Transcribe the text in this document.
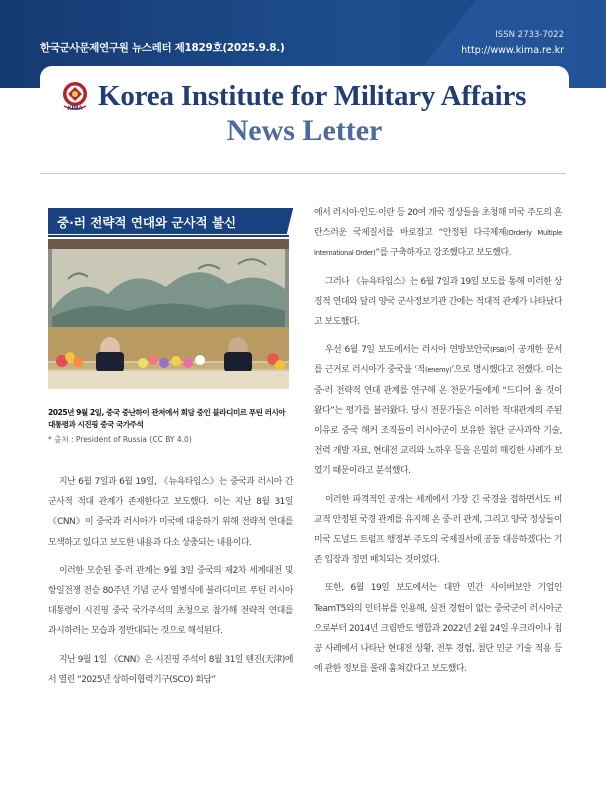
한국군사문제연구원 뉴스레터 제1829호(2025.9.8.)
ISSN 2733-7022
http://www.kima.re.kr
KIMA Korea Institute for Military Affairs
News Letter
중·러 전략적 연대와 군사적 불신
2025년 9월 2일, 중국 중난하이 관저에서 회담 중인 블라디미르 푸틴 러시아 대통령과 시진핑 중국 국가주석
* 출처 : President of Russia (CC BY 4.0)

지난 6월 7일과 6월 19일, 《뉴욕타임스》는 중국과 러시아 간 군사적 적대 관계가 존재한다고 보도했다. 이는 지난 8월 31일 《CNN》이 중국과 러시아가 미국에 대응하기 위해 전략적 연대를 모색하고 있다고 보도한 내용과 다소 상충되는 내용이다.

이러한 모순된 중·러 관계는 9월 3일 중국의 제2차 세계대전 및 항일전쟁 전승 80주년 기념 군사 열병식에 블라디미르 푸틴 러시아 대통령이 시진핑 중국 국가주석의 초청으로 참가해 전략적 연대를 과시하려는 모습과 정반대되는 것으로 해석된다.

지난 9월 1일 《CNN》은 시진핑 주석이 8월 31일 톈진(天津)에서 열린 “2025년 상하이협력기구(SCO) 회담”

에서 러시아·인도·이란 등 20여 개국 정상들을 초청해 미국 주도의 혼란스러운 국제질서를 바로잡고 “안정된 다극체제(Orderly Multiple International Order)”를 구축하자고 강조했다고 보도했다.

그러나 《뉴욕타임스》는 6월 7일과 19일 보도를 통해 이러한 상징적 연대와 달리 양국 군사정보기관 간에는 적대적 관계가 나타났다고 보도했다.

우선 6월 7일 보도에서는 러시아 연방보안국(FSB)이 공개한 문서를 근거로 러시아가 중국을 ‘적(enemy)’으로 명시했다고 전했다. 이는 중·러 전략적 연대 관계를 연구해 온 전문가들에게 “드디어 올 것이 왔다”는 평가를 불러왔다. 당시 전문가들은 이러한 적대관계의 주된 이유로 중국 해커 조직들이 러시아군이 보유한 첨단 군사과학 기술, 전력 개발 자료, 현대전 교리와 노하우 등을 은밀히 해킹한 사례가 보였기 때문이라고 분석했다.

이러한 파격적인 공개는 세계에서 가장 긴 국경을 접하면서도 비교적 안정된 국경 관계를 유지해 온 중·러 관계, 그리고 양국 정상들이 미국 도널드 트럼프 행정부 주도의 국제질서에 공동 대응하겠다는 기존 입장과 정면 배치되는 것이었다.

또한, 6월 19일 보도에서는 대만 민간 사이버보안 기업인 TeamT5와의 인터뷰를 인용해, 실전 경험이 없는 중국군이 러시아군으로부터 2014년 크림반도 병합과 2022년 2월 24일 우크라이나 침공 사례에서 나타난 현대전 상황, 전투 경험, 첨단 민군 기술 적용 등에 관한 정보를 몰래 훔쳐갔다고 보도했다.
